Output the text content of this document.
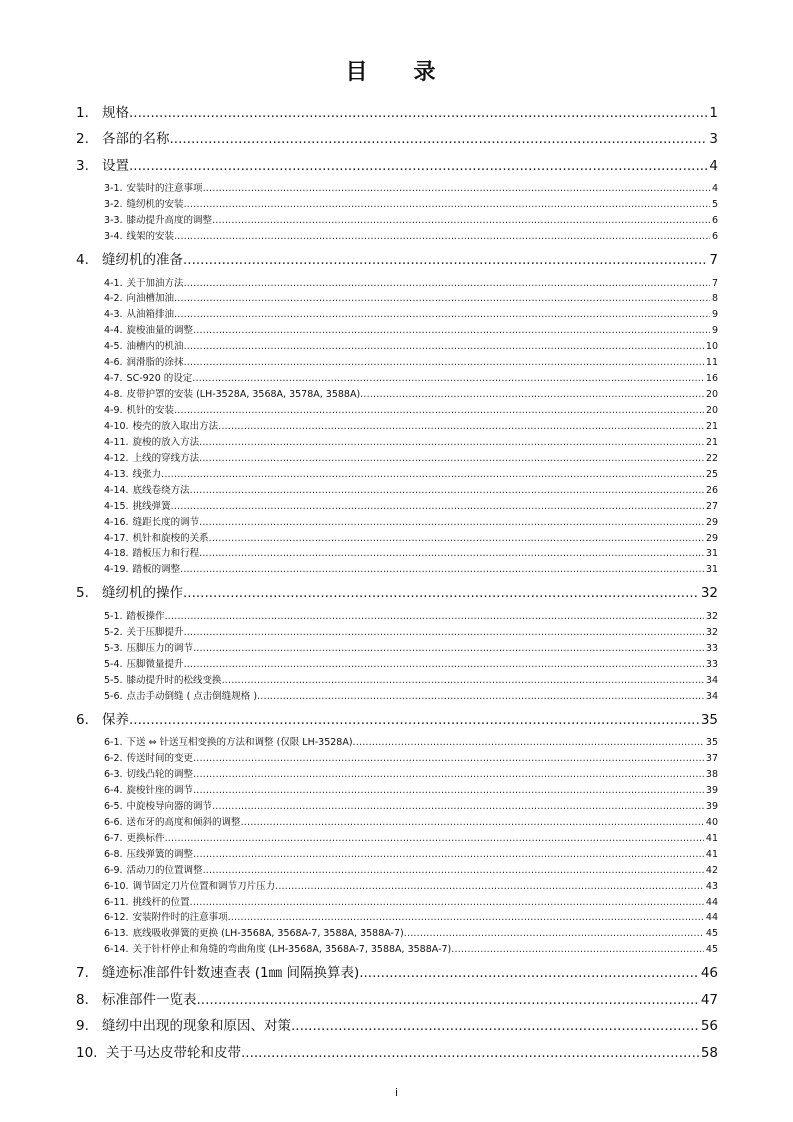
目　录
1. 规格 .....	1
2. 各部的名称 .....	3
3. 设置 .....	4
3-1. 安装时的注意事项 .....	4
3-2. 缝纫机的安装 .....	5
3-3. 膝动提升高度的调整 .....	6
3-4. 线架的安装 .....	6
4. 缝纫机的准备 .....	7
4-1. 关于加油方法 .....	7
4-2. 向油槽加油 .....	8
4-3. 从油箱排油 .....	9
4-4. 旋梭油量的调整 .....	9
4-5. 油槽内的机油 .....	10
4-6. 润滑脂的涂抹 .....	11
4-7. SC-920 的设定 .....	16
4-8. 皮带护罩的安装 (LH-3528A, 3568A, 3578A, 3588A) .....	20
4-9. 机针的安装 .....	20
4-10. 梭壳的放入取出方法 .....	21
4-11. 旋梭的放入方法 .....	21
4-12. 上线的穿线方法 .....	22
4-13. 线张力 .....	25
4-14. 底线卷绕方法 .....	26
4-15. 挑线弹簧 .....	27
4-16. 缝距长度的调节 .....	29
4-17. 机针和旋梭的关系 .....	29
4-18. 踏板压力和行程 .....	31
4-19. 踏板的调整 .....	31
5. 缝纫机的操作 .....	32
5-1. 踏板操作 .....	32
5-2. 关于压脚提升 .....	32
5-3. 压脚压力的调节 .....	33
5-4. 压脚微量提升 .....	33
5-5. 膝动提升时的松线变换 .....	34
5-6. 点击手动倒缝 ( 点击倒缝规格 ) .....	34
6. 保养 .....	35
6-1. 下送 ⇔ 针送互相变换的方法和调整 (仅限 LH-3528A) .....	35
6-2. 传送时间的变更 .....	37
6-3. 切线凸轮的调整 .....	38
6-4. 旋梭针座的调节 .....	39
6-5. 中旋梭导向器的调节 .....	39
6-6. 送布牙的高度和倾斜的调整 .....	40
6-7. 更换标件 .....	41
6-8. 压线弹簧的调整 .....	41
6-9. 活动刀的位置调整 .....	42
6-10. 调节固定刀片位置和调节刀片压力 .....	43
6-11. 挑线杆的位置 .....	44
6-12. 安装附件时的注意事项 .....	44
6-13. 底线吸收弹簧的更换 (LH-3568A, 3568A-7, 3588A, 3588A-7) .....	45
6-14. 关于针杆停止和角缝的弯曲角度 (LH-3568A, 3568A-7, 3588A, 3588A-7) .....	45
7. 缝迹标准部件针数速查表 (1㎜ 间隔换算表) .....	46
8. 标准部件一览表 .....	47
9. 缝纫中出现的现象和原因、对策 .....	56
10. 关于马达皮带轮和皮带 .....	58
i
